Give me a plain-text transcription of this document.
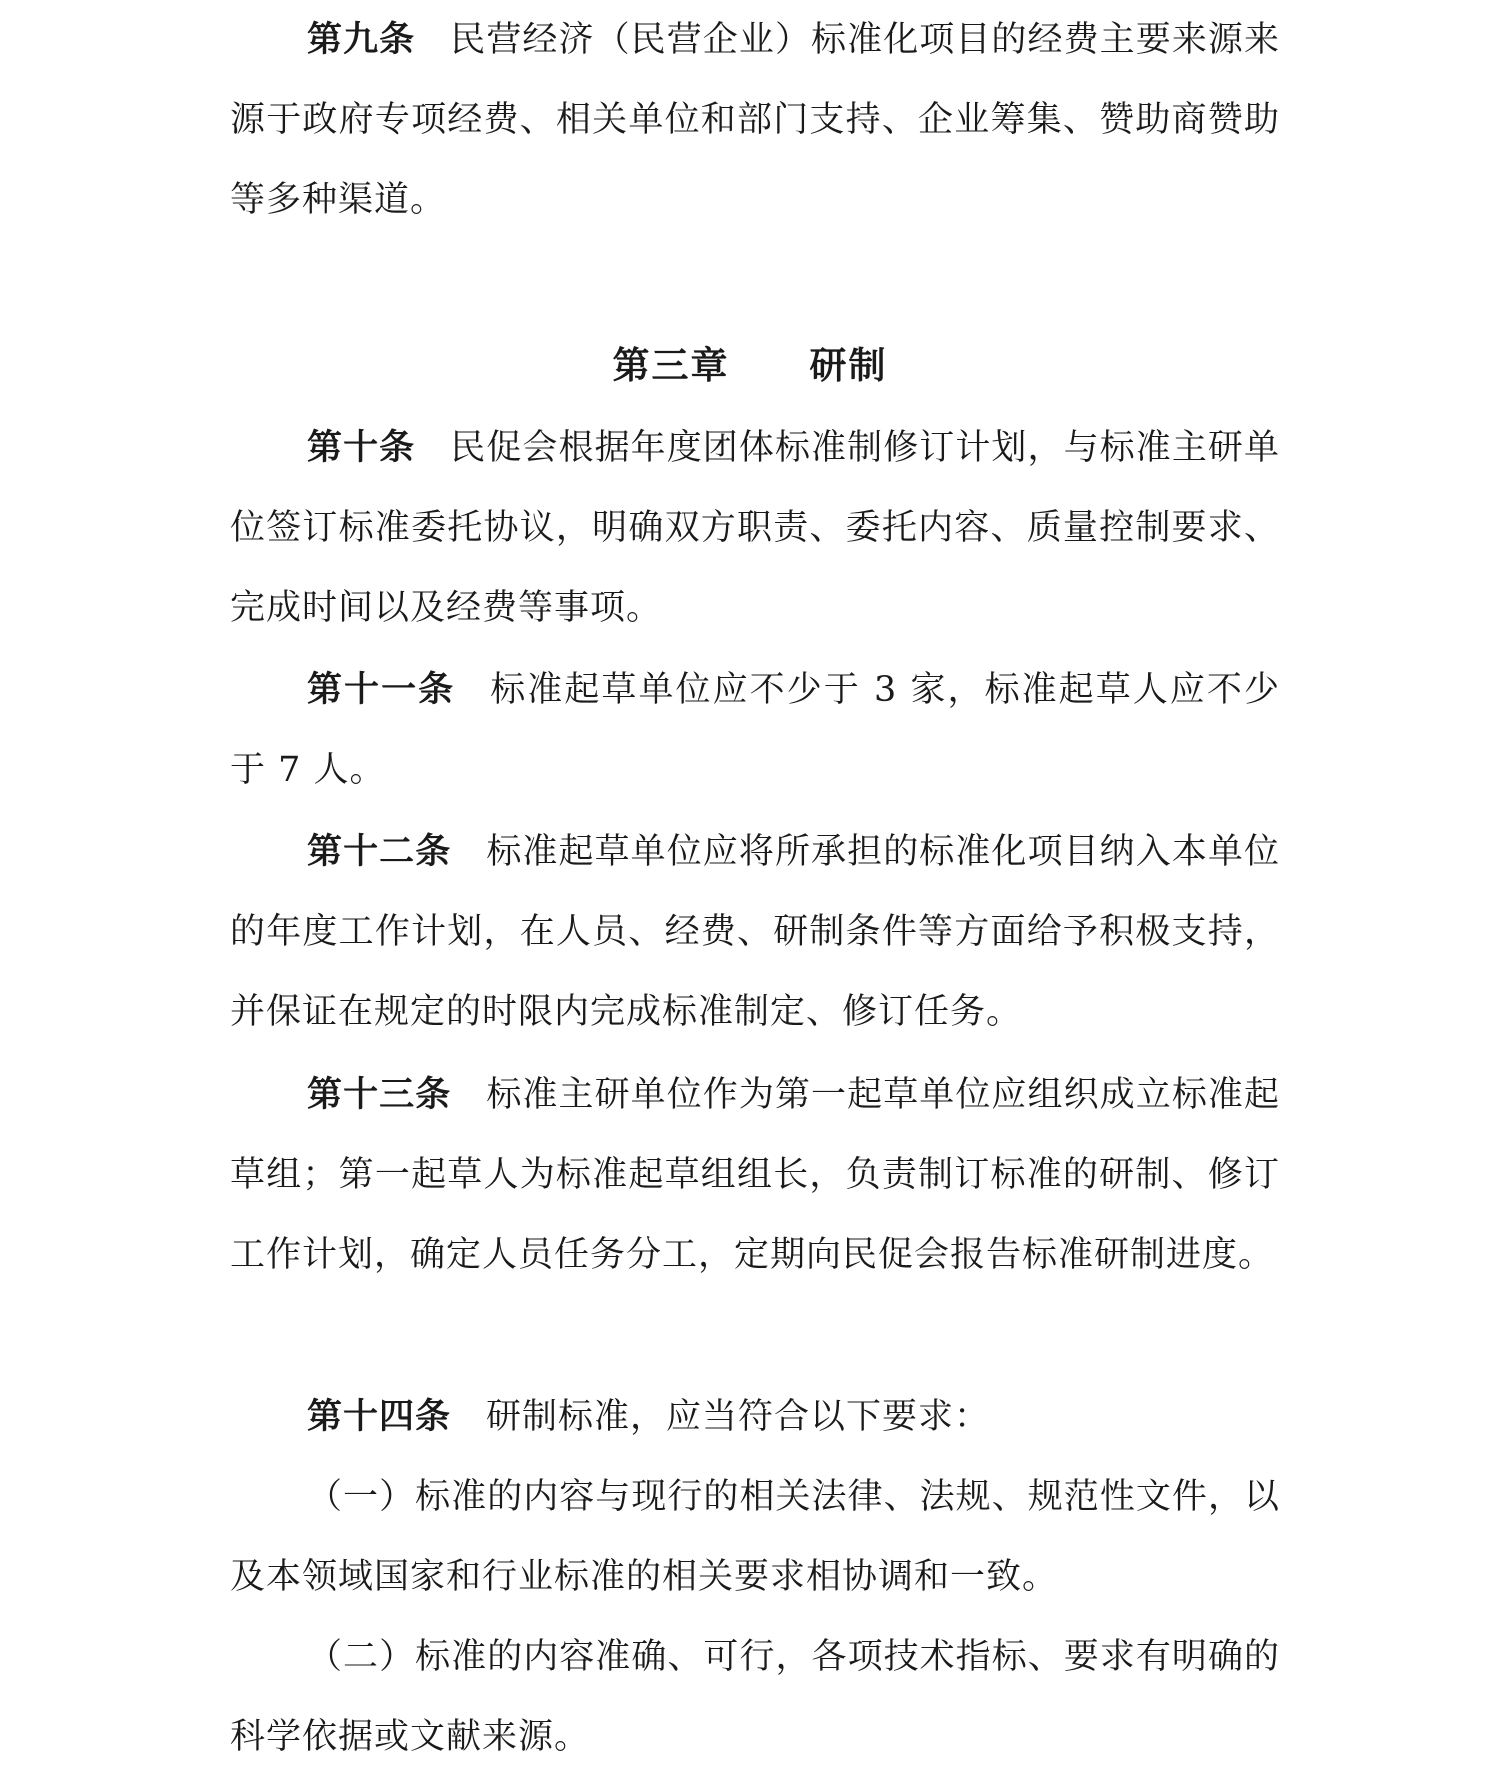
第九条 民营经济（民营企业）标准化项目的经费主要来源来源于政府专项经费、相关单位和部门支持、企业筹集、赞助商赞助等多种渠道。

第三章 研制

第十条 民促会根据年度团体标准制修订计划，与标准主研单位签订标准委托协议，明确双方职责、委托内容、质量控制要求、完成时间以及经费等事项。

第十一条 标准起草单位应不少于 3 家，标准起草人应不少于 7 人。

第十二条 标准起草单位应将所承担的标准化项目纳入本单位的年度工作计划，在人员、经费、研制条件等方面给予积极支持，并保证在规定的时限内完成标准制定、修订任务。

第十三条 标准主研单位作为第一起草单位应组织成立标准起草组；第一起草人为标准起草组组长，负责制订标准的研制、修订工作计划，确定人员任务分工，定期向民促会报告标准研制进度。

第十四条 研制标准，应当符合以下要求：

（一）标准的内容与现行的相关法律、法规、规范性文件，以及本领域国家和行业标准的相关要求相协调和一致。

（二）标准的内容准确、可行，各项技术指标、要求有明确的科学依据或文献来源。
